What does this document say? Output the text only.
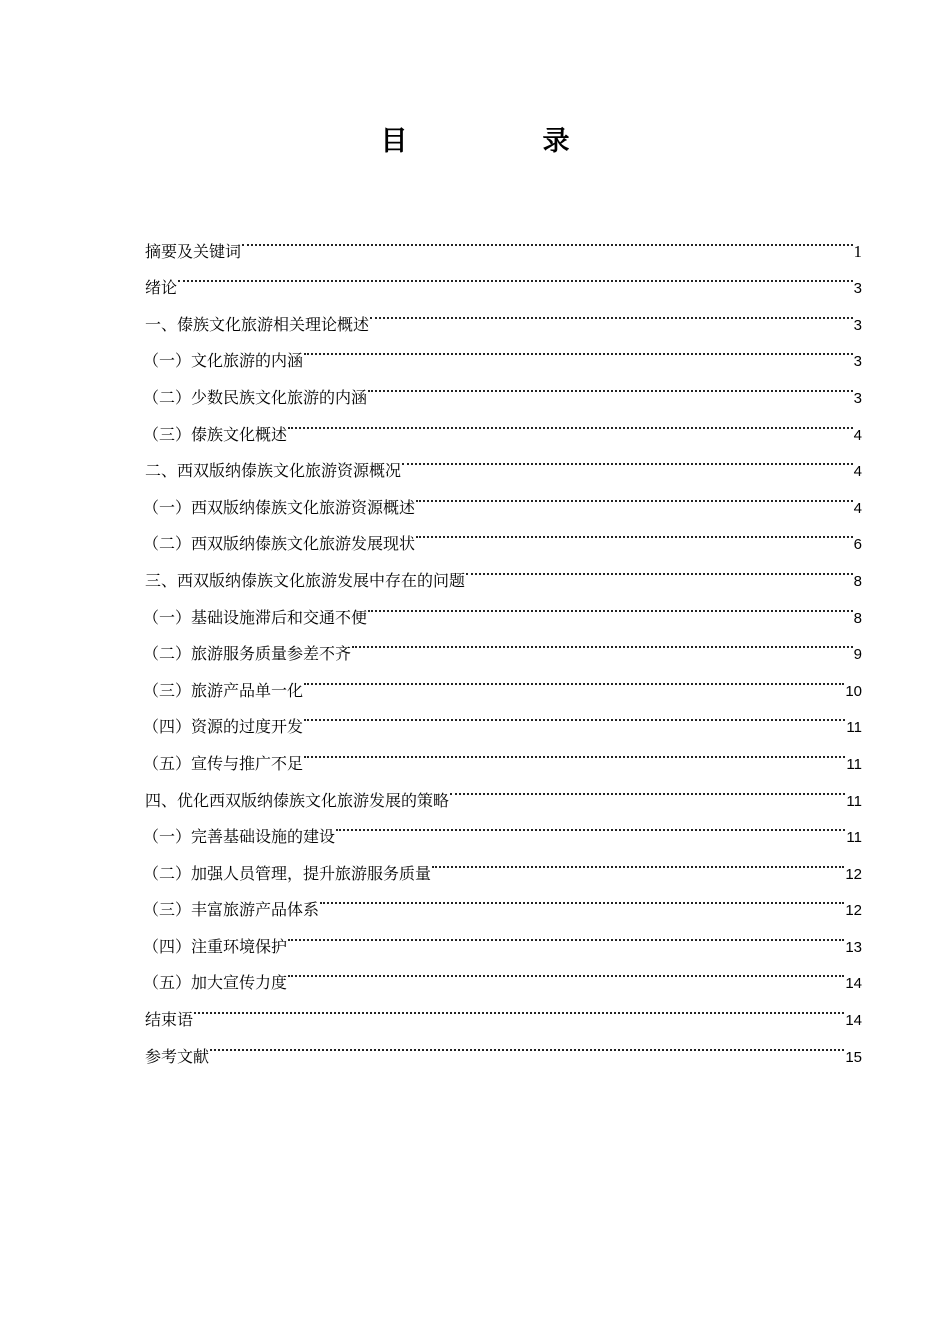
目　录
摘要及关键词	1
绪论	3
一、傣族文化旅游相关理论概述	3
（一）文化旅游的内涵	3
（二）少数民族文化旅游的内涵	3
（三）傣族文化概述	4
二、西双版纳傣族文化旅游资源概况	4
（一）西双版纳傣族文化旅游资源概述	4
（二）西双版纳傣族文化旅游发展现状	6
三、西双版纳傣族文化旅游发展中存在的问题	8
（一）基础设施滞后和交通不便	8
（二）旅游服务质量参差不齐	9
（三）旅游产品单一化	10
（四）资源的过度开发	11
（五）宣传与推广不足	11
四、优化西双版纳傣族文化旅游发展的策略	11
（一）完善基础设施的建设	11
（二）加强人员管理，提升旅游服务质量	12
（三）丰富旅游产品体系	12
（四）注重环境保护	13
（五）加大宣传力度	14
结束语	14
参考文献	15
